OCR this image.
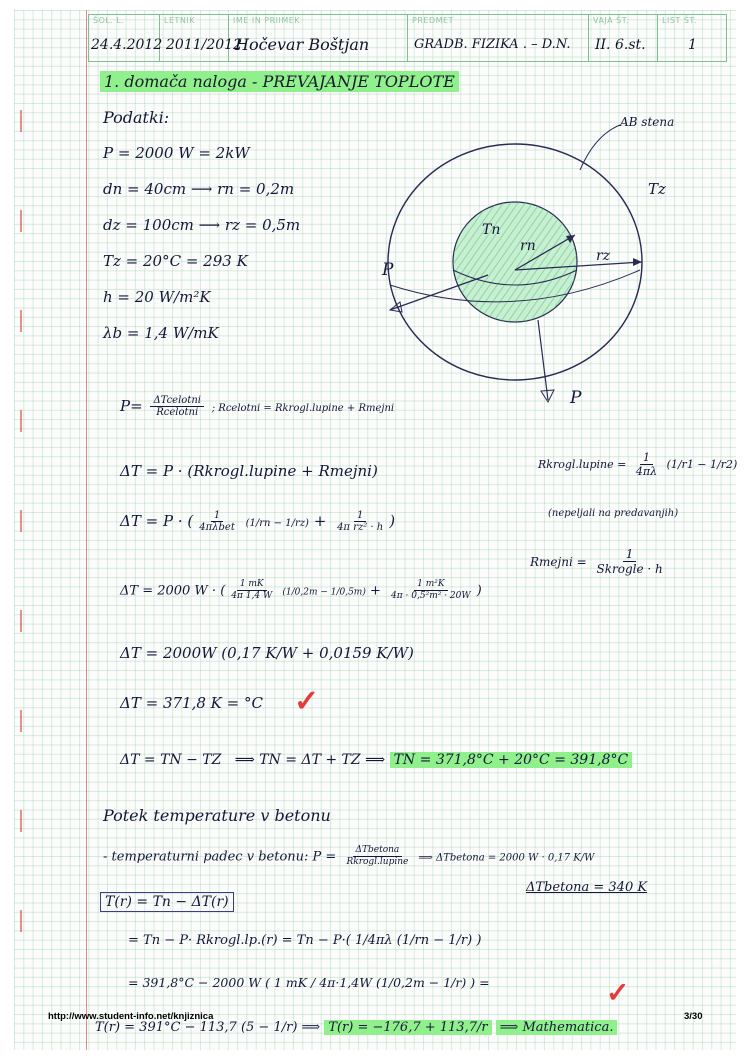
ŠOL. L.
24.4.2012
LETNIK
2011/2012
IME IN PRIIMEK
Hočevar Boštjan
PREDMET
GRADB. FIZIKA . – D.N.
VAJA ŠT.
II. 6.st.
LIST ŠT.
1
1. domača naloga - PREVAJANJE TOPLOTE
Podatki:
P = 2000 W = 2kW
dn = 40cm ⟶ rn = 0,2m
dz = 100cm ⟶ rz = 0,5m
Tz = 20°C = 293 K
h = 20 W/m²K
λb = 1,4 W/mK
AB stena
Tz
Tn
rn
rz
P
P
$P= \frac{\text{ΔTcelotni}}{\text{Rcelotni}}$ ; Rcelotni = Rkrogl.lupine + Rmejni
ΔT = P · (Rkrogl.lupine + Rmejni)	Rkrogl.lupine = $\frac{1}{4\pi\lambda} (1/r1 - 1/r2)$
(nepeljali na predavanjih)
Rmejni = $\frac{1}{\text{Skrogle · h}}$
ΔT = P · ( $\frac{1}{\text{4πλbet}} (1/rn - 1/rz) + \frac{1}{\text{4π rz² · h}}$ )
ΔT = 2000 W · ( $\frac{1 mK}{4\pi 1,4 W} (1/0,2m - 1/0,5m) + \frac{\text{1 m²K}}{\text{4π · 0,5²m² · 20W}}$ )
ΔT = 2000W (0,17 K/W + 0,0159 K/W)
ΔT = 371,8 K = °C ✓
ΔT = TN − TZ ⟹ TN = ΔT + TZ ⟹ TN = 371,8°C + 20°C = 391,8°C
Potek temperature v betonu
- temperaturni padec v betonu: $P = \frac{\text{ΔTbetona}}{\text{Rkrogl.lupine}}$ ⟹ ΔTbetona = 2000 W · 0,17 K/W
ΔTbetona = 340 K
T(r) = Tn − ΔT(r)
= Tn − P· Rkrogl.lp.(r) = Tn − P·( 1/4πλ (1/rn − 1/r) )
= 391,8°C − 2000 W ( 1 mK / 4π·1,4W (1/0,2m − 1/r) ) =	✓
T(r) = 391°C − 113,7 (5 − 1/r) ⟹ T(r) = −176,7 + 113,7/r ⟹ Mathematica.
http://www.student-info.net/knjiznica	3/30
